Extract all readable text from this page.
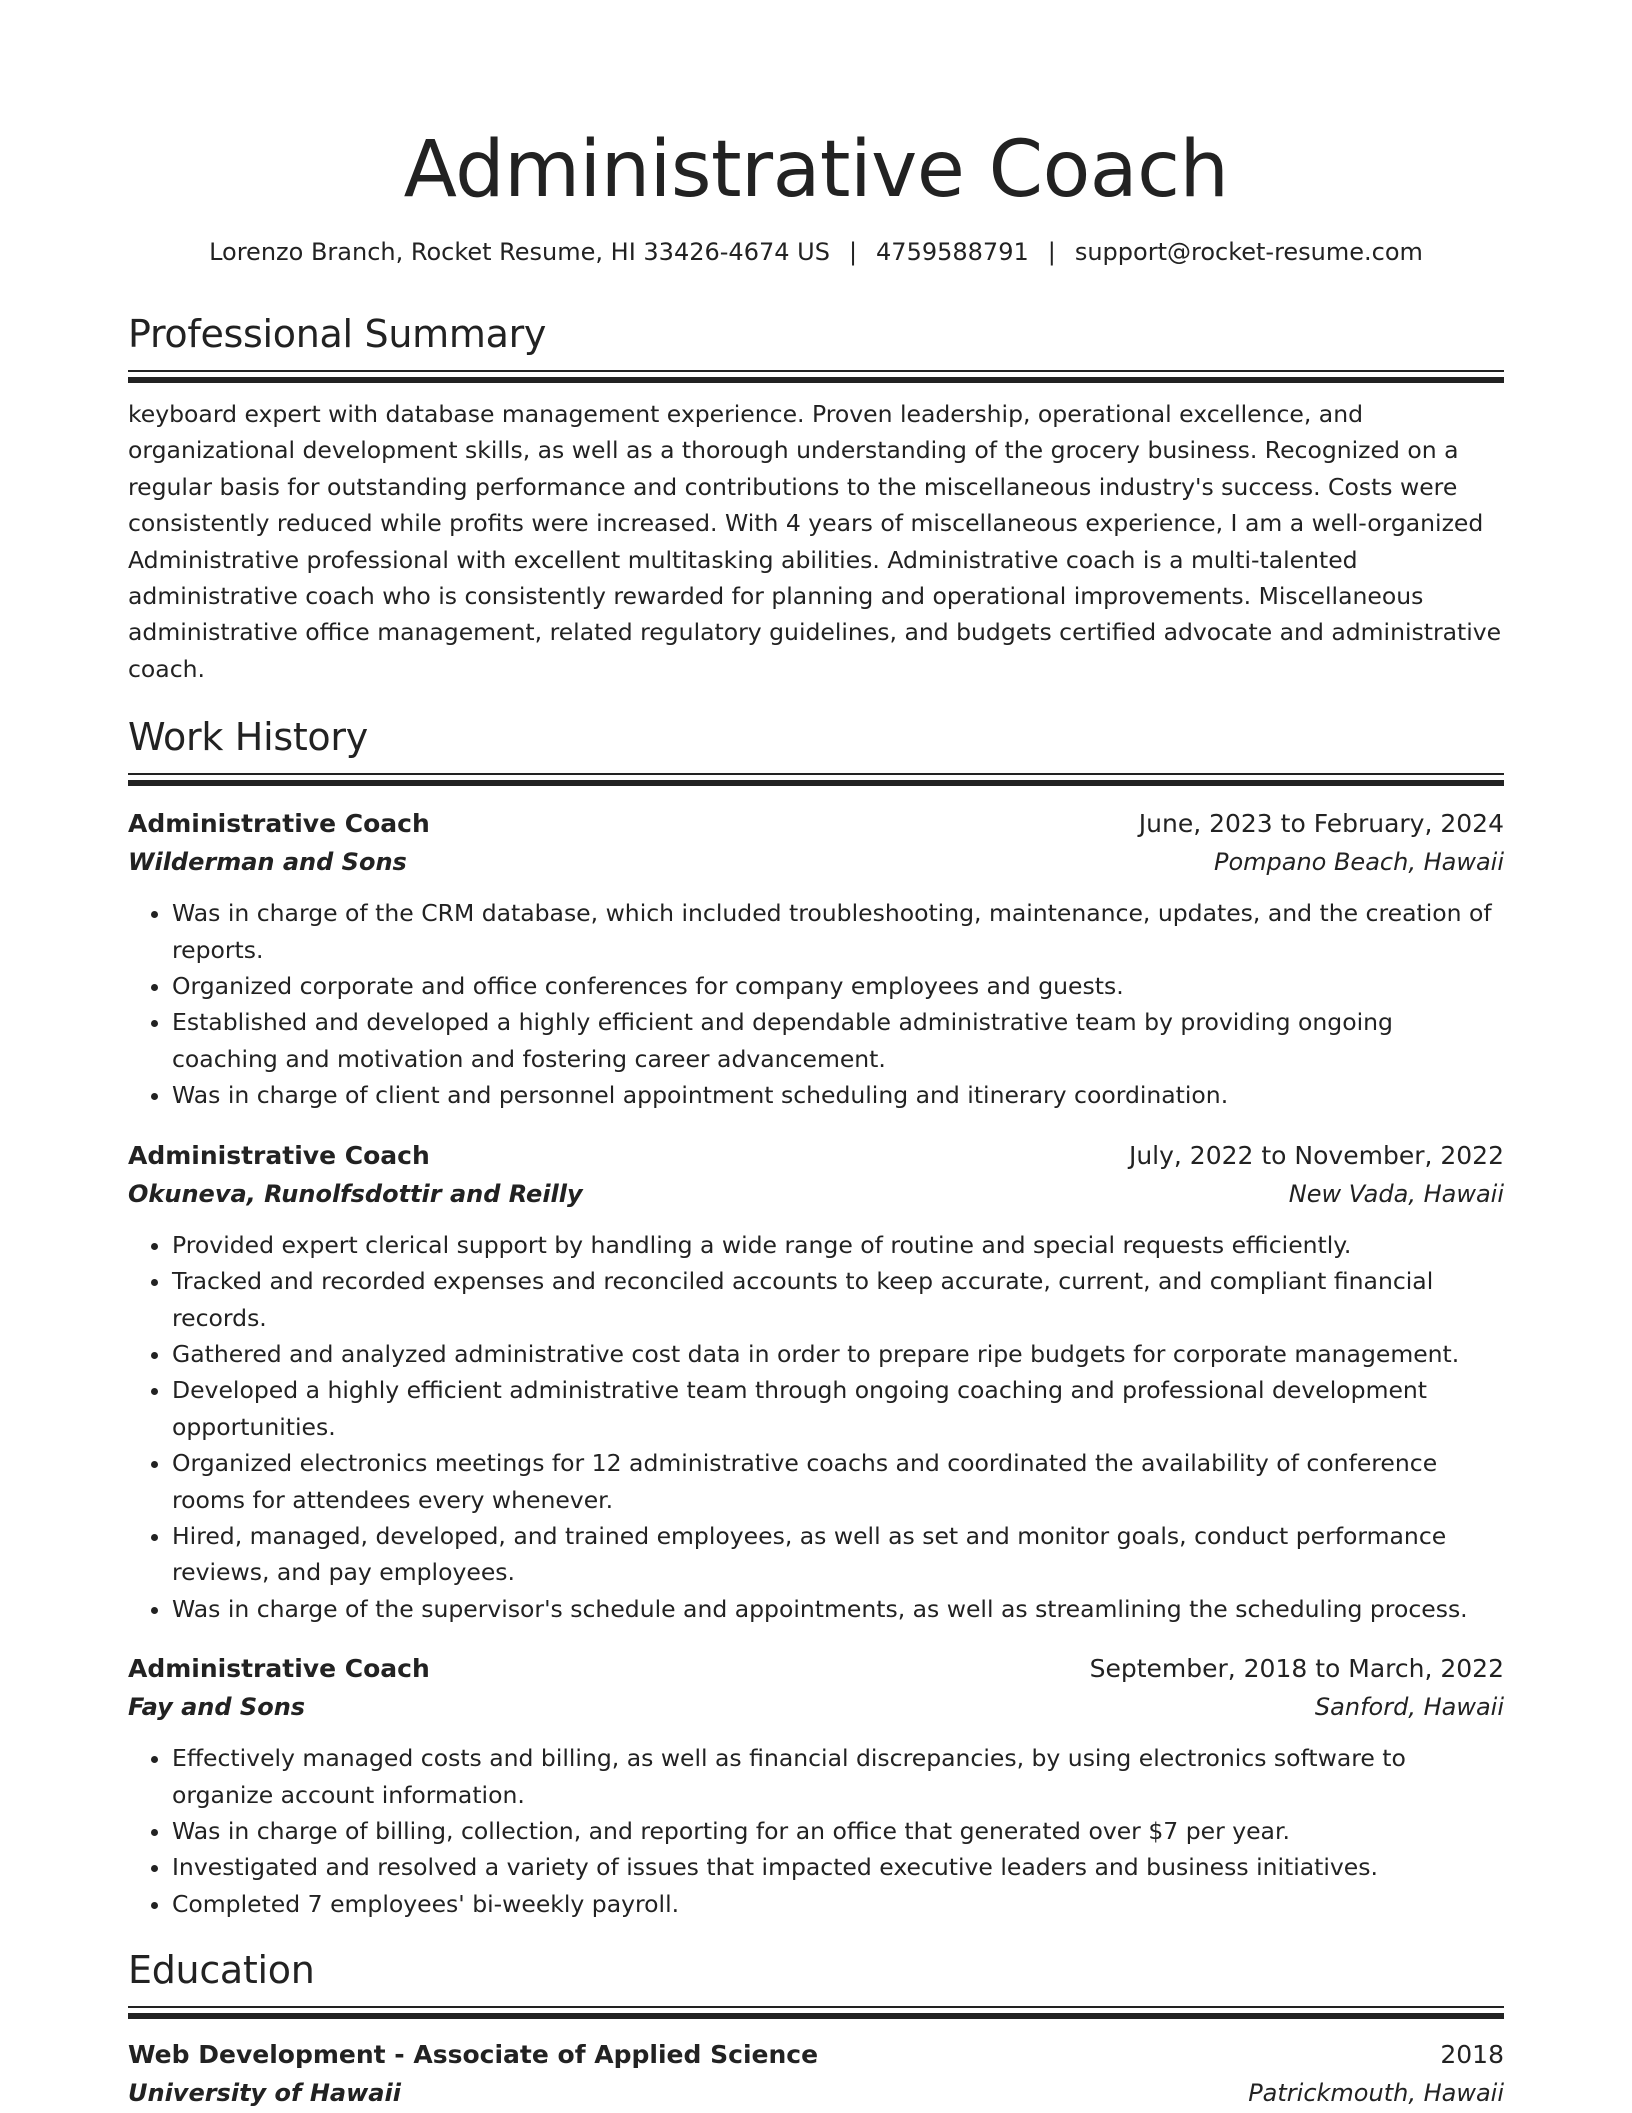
Administrative Coach
Lorenzo Branch, Rocket Resume, HI 33426-4674 US | 4759588791 | support@rocket-resume.com
Professional Summary
keyboard expert with database management experience. Proven leadership, operational excellence, and organizational development skills, as well as a thorough understanding of the grocery business. Recognized on a regular basis for outstanding performance and contributions to the miscellaneous industry's success. Costs were consistently reduced while profits were increased. With 4 years of miscellaneous experience, I am a well-organized Administrative professional with excellent multitasking abilities. Administrative coach is a multi-talented administrative coach who is consistently rewarded for planning and operational improvements. Miscellaneous administrative office management, related regulatory guidelines, and budgets certified advocate and administrative coach.
Work History
Administrative Coach	June, 2023 to February, 2024
Wilderman and Sons	Pompano Beach, Hawaii
• Was in charge of the CRM database, which included troubleshooting, maintenance, updates, and the creation of reports.
• Organized corporate and office conferences for company employees and guests.
• Established and developed a highly efficient and dependable administrative team by providing ongoing coaching and motivation and fostering career advancement.
• Was in charge of client and personnel appointment scheduling and itinerary coordination.
Administrative Coach	July, 2022 to November, 2022
Okuneva, Runolfsdottir and Reilly	New Vada, Hawaii
• Provided expert clerical support by handling a wide range of routine and special requests efficiently.
• Tracked and recorded expenses and reconciled accounts to keep accurate, current, and compliant financial records.
• Gathered and analyzed administrative cost data in order to prepare ripe budgets for corporate management.
• Developed a highly efficient administrative team through ongoing coaching and professional development opportunities.
• Organized electronics meetings for 12 administrative coachs and coordinated the availability of conference rooms for attendees every whenever.
• Hired, managed, developed, and trained employees, as well as set and monitor goals, conduct performance reviews, and pay employees.
• Was in charge of the supervisor's schedule and appointments, as well as streamlining the scheduling process.
Administrative Coach	September, 2018 to March, 2022
Fay and Sons	Sanford, Hawaii
• Effectively managed costs and billing, as well as financial discrepancies, by using electronics software to organize account information.
• Was in charge of billing, collection, and reporting for an office that generated over $7 per year.
• Investigated and resolved a variety of issues that impacted executive leaders and business initiatives.
• Completed 7 employees' bi-weekly payroll.
Education
Web Development - Associate of Applied Science	2018
University of Hawaii	Patrickmouth, Hawaii
